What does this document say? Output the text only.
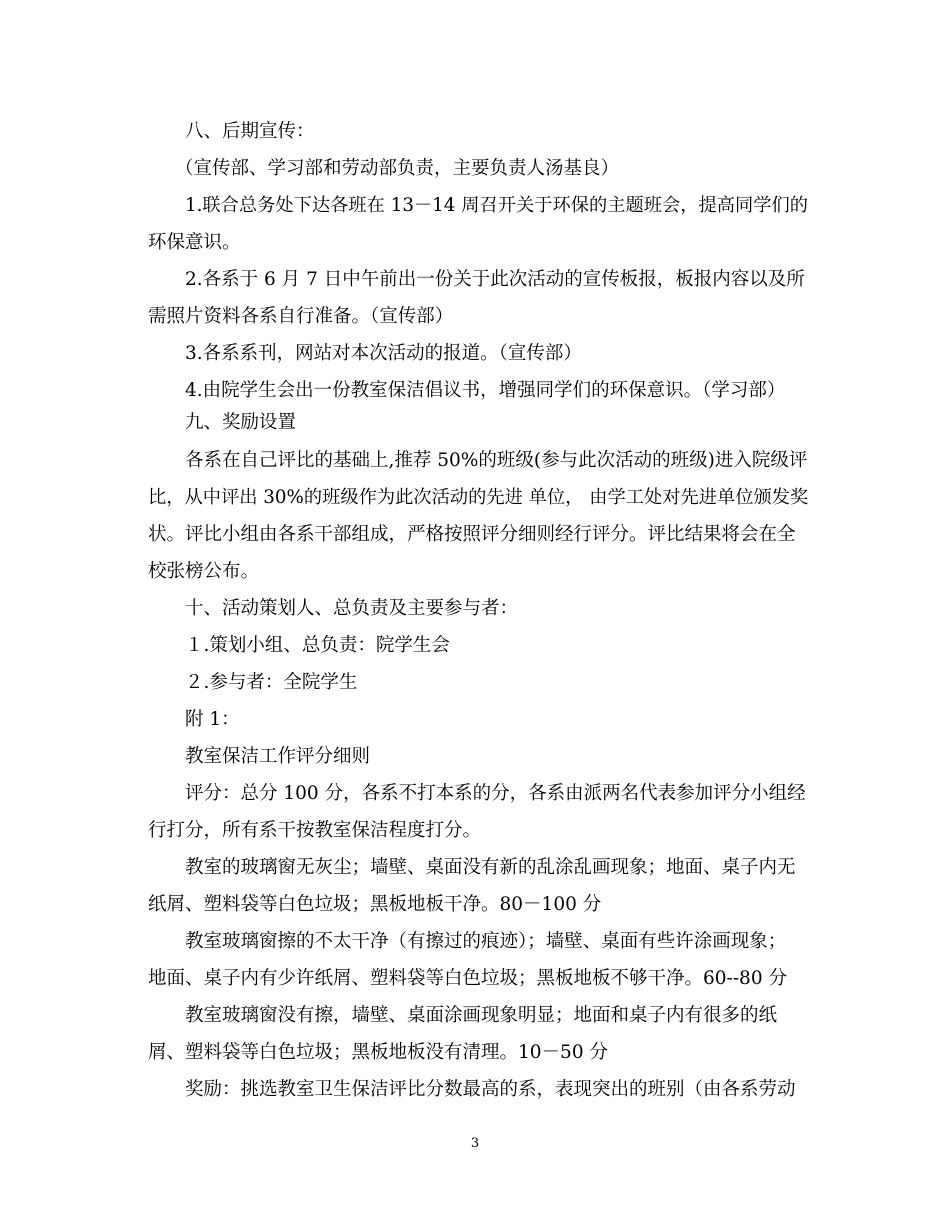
八、后期宣传：
（宣传部、学习部和劳动部负责，主要负责人汤基良）
1.联合总务处下达各班在 13－14 周召开关于环保的主题班会，提高同学们的
环保意识。
2.各系于 6 月 7 日中午前出一份关于此次活动的宣传板报，板报内容以及所
需照片资料各系自行准备。（宣传部）
3.各系系刊，网站对本次活动的报道。（宣传部）
4.由院学生会出一份教室保洁倡议书，增强同学们的环保意识。（学习部）
九、奖励设置
各系在自己评比的基础上,推荐 50%的班级(参与此次活动的班级)进入院级评
比，从中评出 30%的班级作为此次活动的先进 单位， 由学工处对先进单位颁发奖
状。评比小组由各系干部组成，严格按照评分细则经行评分。评比结果将会在全
校张榜公布。
十、活动策划人、总负责及主要参与者：
１.策划小组、总负责：院学生会
２.参与者：全院学生
附 1：
教室保洁工作评分细则
评分：总分 100 分，各系不打本系的分，各系由派两名代表参加评分小组经
行打分，所有系干按教室保洁程度打分。
教室的玻璃窗无灰尘；墙壁、桌面没有新的乱涂乱画现象；地面、桌子内无
纸屑、塑料袋等白色垃圾；黑板地板干净。80－100 分
教室玻璃窗擦的不太干净（有擦过的痕迹）；墙壁、桌面有些许涂画现象；
地面、桌子内有少许纸屑、塑料袋等白色垃圾；黑板地板不够干净。60--80 分
教室玻璃窗没有擦，墙壁、桌面涂画现象明显；地面和桌子内有很多的纸
屑、塑料袋等白色垃圾；黑板地板没有清理。10－50 分
奖励：挑选教室卫生保洁评比分数最高的系，表现突出的班别（由各系劳动
3
